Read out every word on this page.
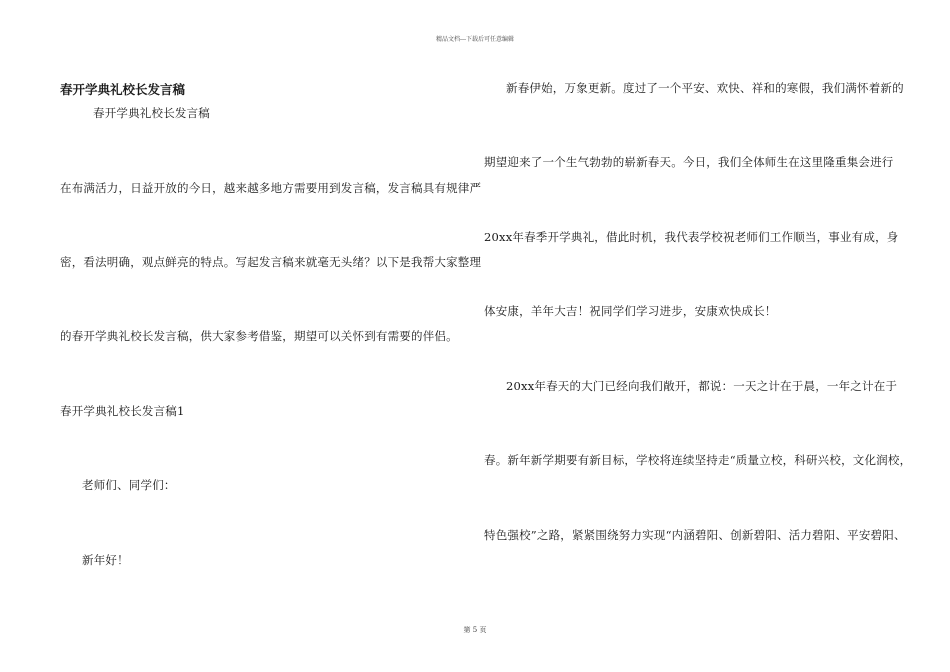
精品文档---下载后可任意编辑
春开学典礼校长发言稿
春开学典礼校长发言稿
在布满活力，日益开放的今日，越来越多地方需要用到发言稿，发言稿具有规律严
密，看法明确，观点鲜亮的特点。写起发言稿来就毫无头绪？以下是我帮大家整理
的春开学典礼校长发言稿，供大家参考借鉴，期望可以关怀到有需要的伴侣。
春开学典礼校长发言稿1
老师们、同学们：
新年好！
新春伊始，万象更新。度过了一个平安、欢快、祥和的寒假，我们满怀着新的
期望迎来了一个生气勃勃的崭新春天。今日，我们全体师生在这里隆重集会进行
20xx年春季开学典礼，借此时机，我代表学校祝老师们工作顺当，事业有成，身
体安康，羊年大吉！祝同学们学习进步，安康欢快成长！
20xx年春天的大门已经向我们敞开，都说：一天之计在于晨，一年之计在于
春。新年新学期要有新目标，学校将连续坚持走“质量立校，科研兴校，文化润校，
特色强校”之路，紧紧围绕努力实现“内涵碧阳、创新碧阳、活力碧阳、平安碧阳、
第 5 页
